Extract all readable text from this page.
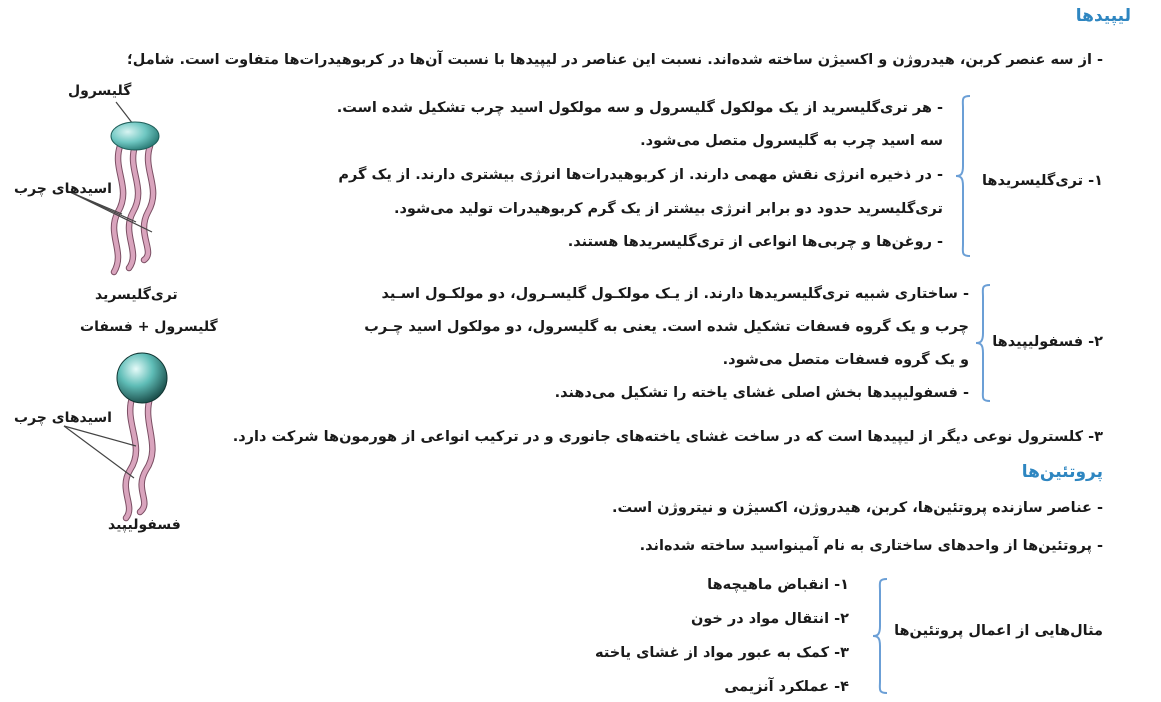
لیپیدها
- از سه عنصر کربن، هیدروژن و اکسیژن ساخته شده‌اند. نسبت این عناصر در لیپیدها با نسبت آن‌ها در کربوهیدرات‌ها متفاوت است. شامل؛
- هر تری‌گلیسرید از یک مولکول گلیسرول و سه مولکول اسید چرب تشکیل شده است.
سه اسید چرب به گلیسرول متصل می‌شود.
- در ذخیره انرژی نقش مهمی دارند. از کربوهیدرات‌ها انرژی بیشتری دارند. از یک گرم
تری‌گلیسرید حدود دو برابر انرژی بیشتر از یک گرم کربوهیدرات تولید می‌شود.
- روغن‌ها و چربی‌ها انواعی از تری‌گلیسریدها هستند.
۱- تری‌گلیسریدها
- ساختاری شبیه تری‌گلیسریدها دارند. از یـک مولکـول گلیسـرول، دو مولکـول اسـید
چرب و یک گروه فسفات تشکیل شده است. یعنی به گلیسرول، دو مولکول اسید چـرب
و یک گروه فسفات متصل می‌شود.
- فسفولیپیدها بخش اصلی غشای یاخته را تشکیل می‌دهند.
۲- فسفولیپیدها
۳- کلسترول نوعی دیگر از لیپیدها است که در ساخت غشای یاخته‌های جانوری و در ترکیب انواعی از هورمون‌ها شرکت دارد.
پروتئین‌ها
- عناصر سازنده پروتئین‌ها، کربن، هیدروژن، اکسیژن و نیتروژن است.
- پروتئین‌ها از واحدهای ساختاری به نام آمینواسید ساخته شده‌اند.
۱- انقباض ماهیچه‌ها
۲- انتقال مواد در خون
۳- کمک به عبور مواد از غشای یاخته
۴- عملکرد آنزیمی
مثال‌هایی از اعمال پروتئین‌ها
گلیسرول
اسیدهای چرب
تری‌گلیسرید
گلیسرول + فسفات
اسیدهای چرب
فسفولیپید
